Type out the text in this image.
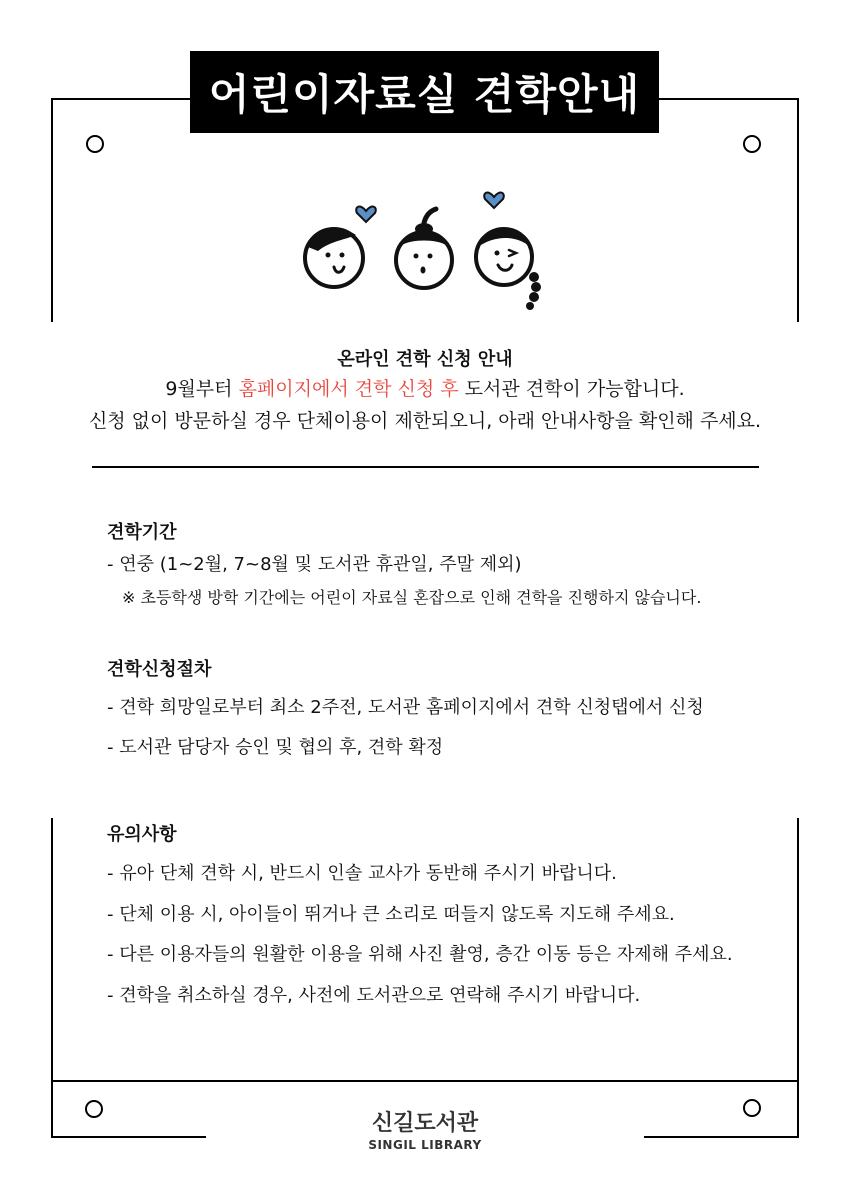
어린이자료실 견학안내
온라인 견학 신청 안내
9월부터 홈페이지에서 견학 신청 후 도서관 견학이 가능합니다.
신청 없이 방문하실 경우 단체이용이 제한되오니, 아래 안내사항을 확인해 주세요.
견학기간
- 연중 (1~2월, 7~8월 및 도서관 휴관일, 주말 제외)
※ 초등학생 방학 기간에는 어린이 자료실 혼잡으로 인해 견학을 진행하지 않습니다.
견학신청절차
- 견학 희망일로부터 최소 2주전, 도서관 홈페이지에서 견학 신청탭에서 신청
- 도서관 담당자 승인 및 협의 후, 견학 확정
유의사항
- 유아 단체 견학 시, 반드시 인솔 교사가 동반해 주시기 바랍니다.
- 단체 이용 시, 아이들이 뛰거나 큰 소리로 떠들지 않도록 지도해 주세요.
- 다른 이용자들의 원활한 이용을 위해 사진 촬영, 층간 이동 등은 자제해 주세요.
- 견학을 취소하실 경우, 사전에 도서관으로 연락해 주시기 바랍니다.
신길도서관
SINGIL LIBRARY
